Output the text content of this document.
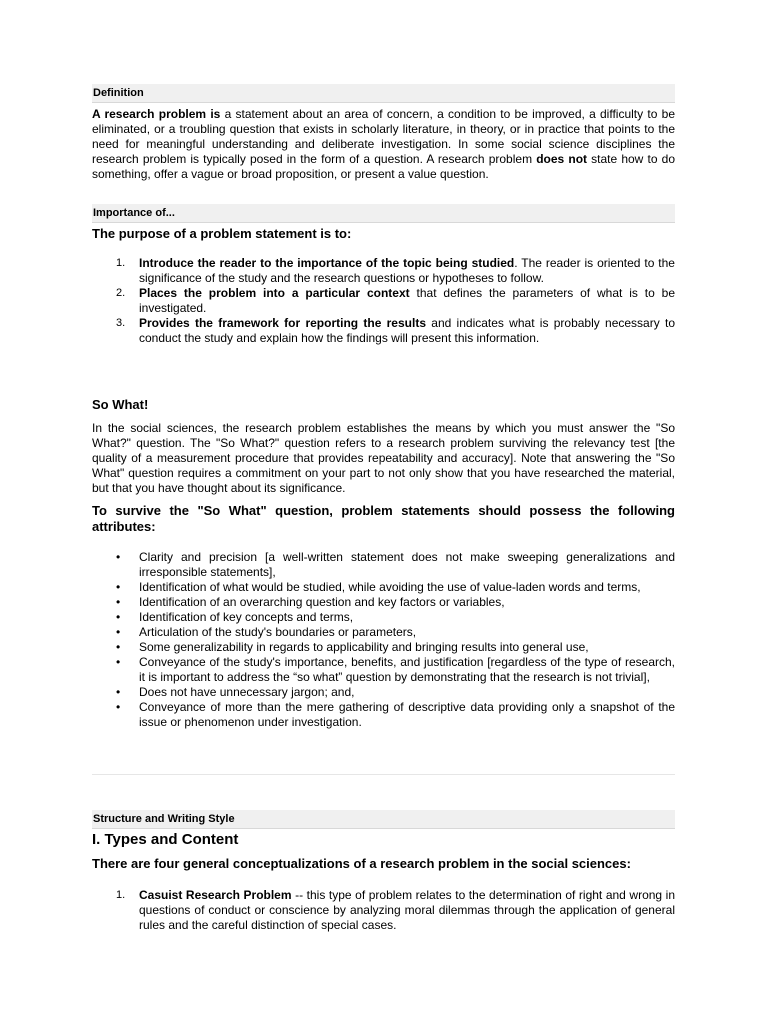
Definition

A research problem is a statement about an area of concern, a condition to be improved, a difficulty to be eliminated, or a troubling question that exists in scholarly literature, in theory, or in practice that points to the need for meaningful understanding and deliberate investigation. In some social science disciplines the research problem is typically posed in the form of a question. A research problem does not state how to do something, offer a vague or broad proposition, or present a value question.

Importance of...

The purpose of a problem statement is to:

1. Introduce the reader to the importance of the topic being studied. The reader is oriented to the significance of the study and the research questions or hypotheses to follow.
2. Places the problem into a particular context that defines the parameters of what is to be investigated.
3. Provides the framework for reporting the results and indicates what is probably necessary to conduct the study and explain how the findings will present this information.

So What!

In the social sciences, the research problem establishes the means by which you must answer the "So What?" question. The "So What?" question refers to a research problem surviving the relevancy test [the quality of a measurement procedure that provides repeatability and accuracy]. Note that answering the "So What" question requires a commitment on your part to not only show that you have researched the material, but that you have thought about its significance.

To survive the "So What" question, problem statements should possess the following attributes:

• Clarity and precision [a well-written statement does not make sweeping generalizations and irresponsible statements],
• Identification of what would be studied, while avoiding the use of value-laden words and terms,
• Identification of an overarching question and key factors or variables,
• Identification of key concepts and terms,
• Articulation of the study's boundaries or parameters,
• Some generalizability in regards to applicability and bringing results into general use,
• Conveyance of the study's importance, benefits, and justification [regardless of the type of research, it is important to address the “so what” question by demonstrating that the research is not trivial],
• Does not have unnecessary jargon; and,
• Conveyance of more than the mere gathering of descriptive data providing only a snapshot of the issue or phenomenon under investigation.
Structure and Writing Style

I. Types and Content

There are four general conceptualizations of a research problem in the social sciences:

1. Casuist Research Problem -- this type of problem relates to the determination of right and wrong in questions of conduct or conscience by analyzing moral dilemmas through the application of general rules and the careful distinction of special cases.
